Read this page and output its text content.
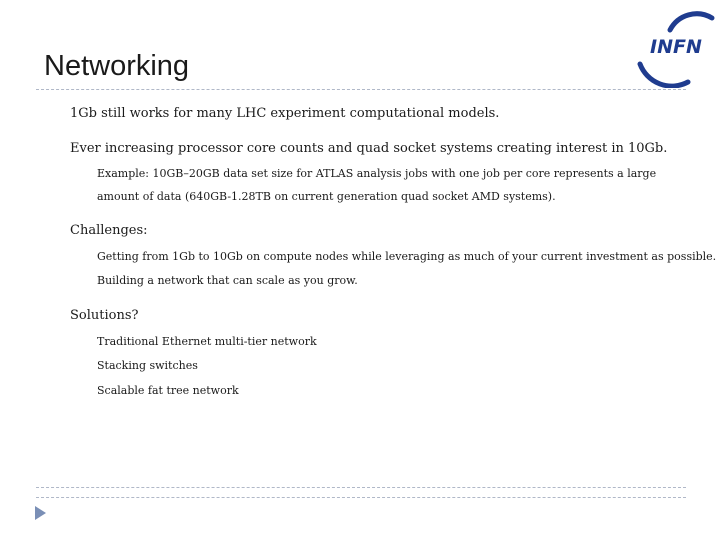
Networking
INFN
1Gb still works for many LHC experiment computational models.
Ever increasing processor core counts and quad socket systems creating interest in 10Gb.
Example: 10GB–20GB data set size for ATLAS analysis jobs with one job per core represents a large amount of data (640GB-1.28TB on current generation quad socket AMD systems).
Challenges:
Getting from 1Gb to 10Gb on compute nodes while leveraging as much of your current investment as possible.
Building a network that can scale as you grow.
Solutions?
Traditional Ethernet multi-tier network
Stacking switches
Scalable fat tree network
